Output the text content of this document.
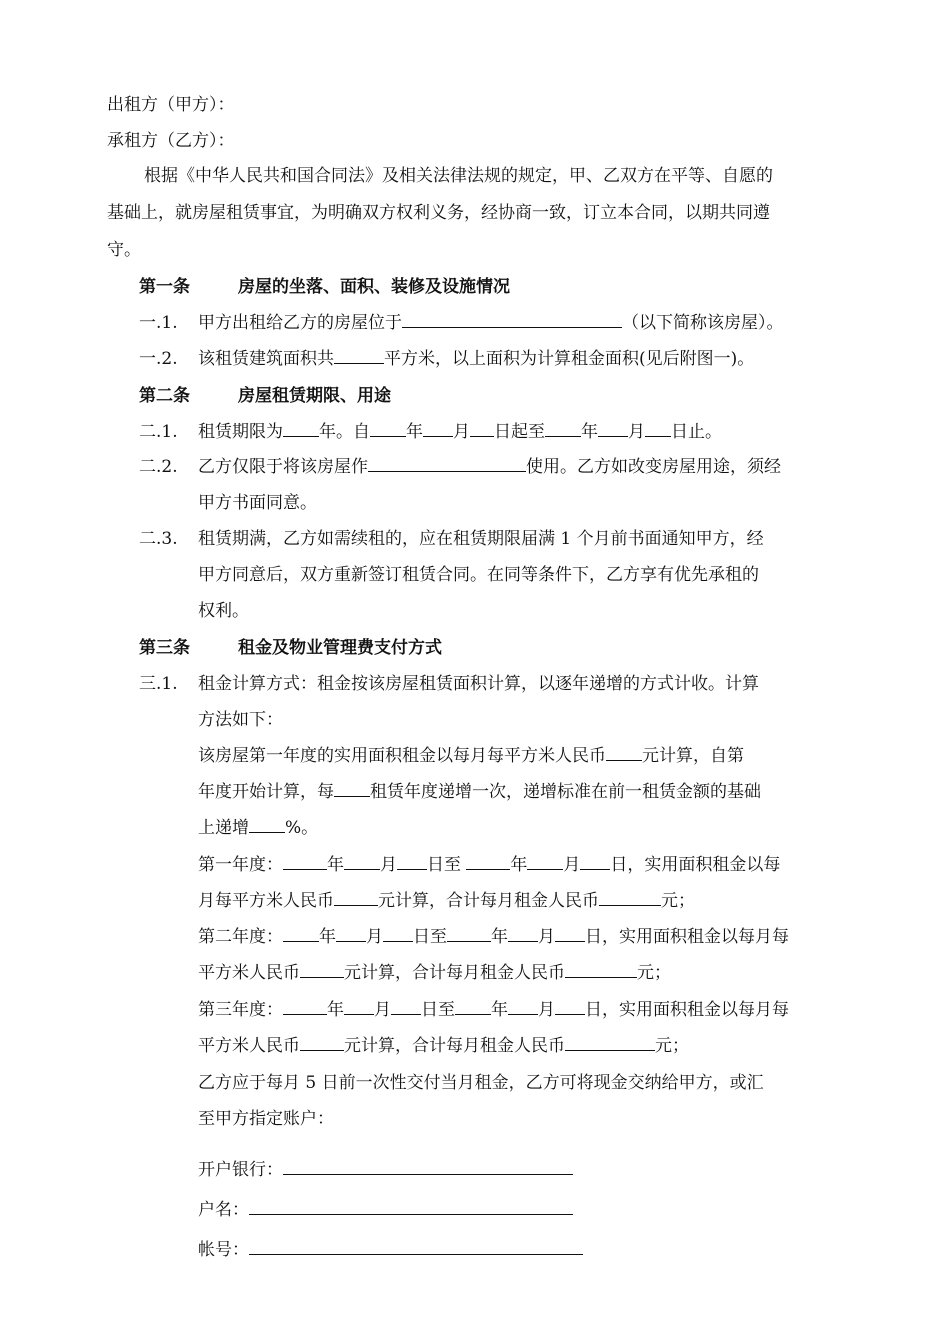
出租方（甲方）：
承租方（乙方）：
根据《中华人民共和国合同法》及相关法律法规的规定，甲、乙双方在平等、自愿的
基础上，就房屋租赁事宜，为明确双方权利义务，经协商一致，订立本合同，以期共同遵
守。
第一条	房屋的坐落、面积、装修及设施情况
一.1. 甲方出租给乙方的房屋位于	（以下简称该房屋）。
一.2. 该租赁建筑面积共	平方米，以上面积为计算租金面积(见后附图一)。
第二条	房屋租赁期限、用途
二.1. 租赁期限为 年。自 年 月 日起至 年 月 日止。
二.2. 乙方仅限于将该房屋作	使用。乙方如改变房屋用途，须经
甲方书面同意。
二.3. 租赁期满，乙方如需续租的，应在租赁期限届满 1 个月前书面通知甲方，经
甲方同意后，双方重新签订租赁合同。在同等条件下，乙方享有优先承租的
权利。
第三条	租金及物业管理费支付方式
三.1. 租金计算方式：租金按该房屋租赁面积计算，以逐年递增的方式计收。计算
方法如下：
该房屋第一年度的实用面积租金以每月每平方米人民币 元计算，自第
年度开始计算，每 租赁年度递增一次，递增标准在前一租赁金额的基础
上递增 %。
第一年度：	年 月 日至	年 月 日，实用面积租金以每
月每平方米人民币	元计算，合计每月租金人民币	元；
第二年度： 年 月 日至	年 月 日，实用面积租金以每月每
平方米人民币	元计算，合计每月租金人民币	元；
第三年度：	年 月 日至 年 月 日，实用面积租金以每月每
平方米人民币	元计算，合计每月租金人民币	元；
乙方应于每月 5 日前一次性交付当月租金，乙方可将现金交纳给甲方，或汇
至甲方指定账户：
开户银行：
户名：
帐号：
